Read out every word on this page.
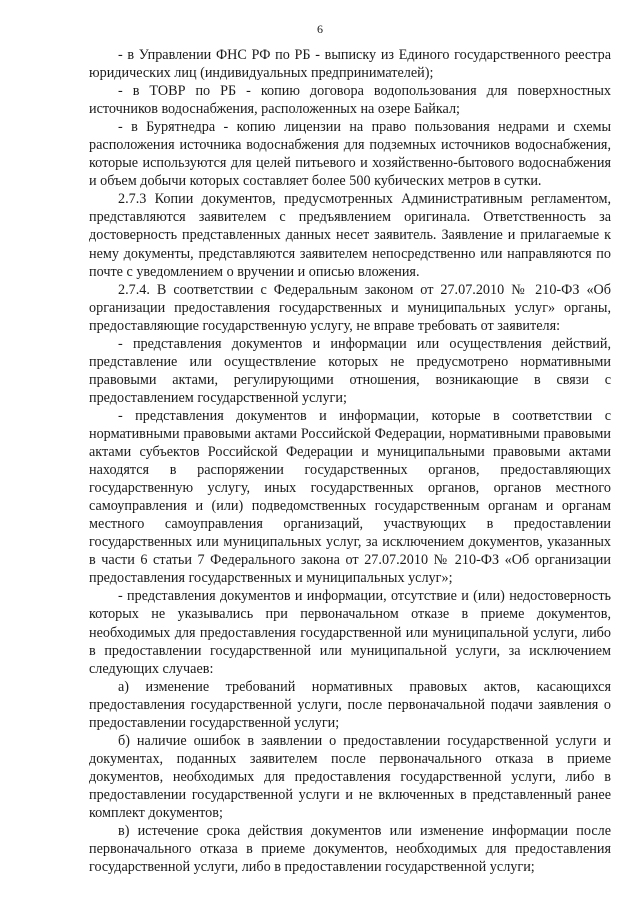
6

- в Управлении ФНС РФ по РБ - выписку из Единого государственного реестра юридических лиц (индивидуальных предпринимателей);

- в ТОВР по РБ - копию договора водопользования для поверхностных источников водоснабжения, расположенных на озере Байкал;

- в Бурятнедра - копию лицензии на право пользования недрами и схемы расположения источника водоснабжения для подземных источников водоснабжения, которые используются для целей питьевого и хозяйственно-бытового водоснабжения и объем добычи которых составляет более 500 кубических метров в сутки.

2.7.3 Копии документов, предусмотренных Административным регламентом, представляются заявителем с предъявлением оригинала. Ответственность за достоверность представленных данных несет заявитель. Заявление и прилагаемые к нему документы, представляются заявителем непосредственно или направляются по почте с уведомлением о вручении и описью вложения.

2.7.4. В соответствии с Федеральным законом от 27.07.2010 № 210-ФЗ «Об организации предоставления государственных и муниципальных услуг» органы, предоставляющие государственную услугу, не вправе требовать от заявителя:

- представления документов и информации или осуществления действий, представление или осуществление которых не предусмотрено нормативными правовыми актами, регулирующими отношения, возникающие в связи с предоставлением государственной услуги;

- представления документов и информации, которые в соответствии с нормативными правовыми актами Российской Федерации, нормативными правовыми актами субъектов Российской Федерации и муниципальными правовыми актами находятся в распоряжении государственных органов, предоставляющих государственную услугу, иных государственных органов, органов местного самоуправления и (или) подведомственных государственным органам и органам местного самоуправления организаций, участвующих в предоставлении государственных или муниципальных услуг, за исключением документов, указанных в части 6 статьи 7 Федерального закона от 27.07.2010 № 210-ФЗ «Об организации предоставления государственных и муниципальных услуг»;

- представления документов и информации, отсутствие и (или) недостоверность которых не указывались при первоначальном отказе в приеме документов, необходимых для предоставления государственной или муниципальной услуги, либо в предоставлении государственной или муниципальной услуги, за исключением следующих случаев:

а) изменение требований нормативных правовых актов, касающихся предоставления государственной услуги, после первоначальной подачи заявления о предоставлении государственной услуги;

б) наличие ошибок в заявлении о предоставлении государственной услуги и документах, поданных заявителем после первоначального отказа в приеме документов, необходимых для предоставления государственной услуги, либо в предоставлении государственной услуги и не включенных в представленный ранее комплект документов;

в) истечение срока действия документов или изменение информации после первоначального отказа в приеме документов, необходимых для предоставления государственной услуги, либо в предоставлении государственной услуги;
